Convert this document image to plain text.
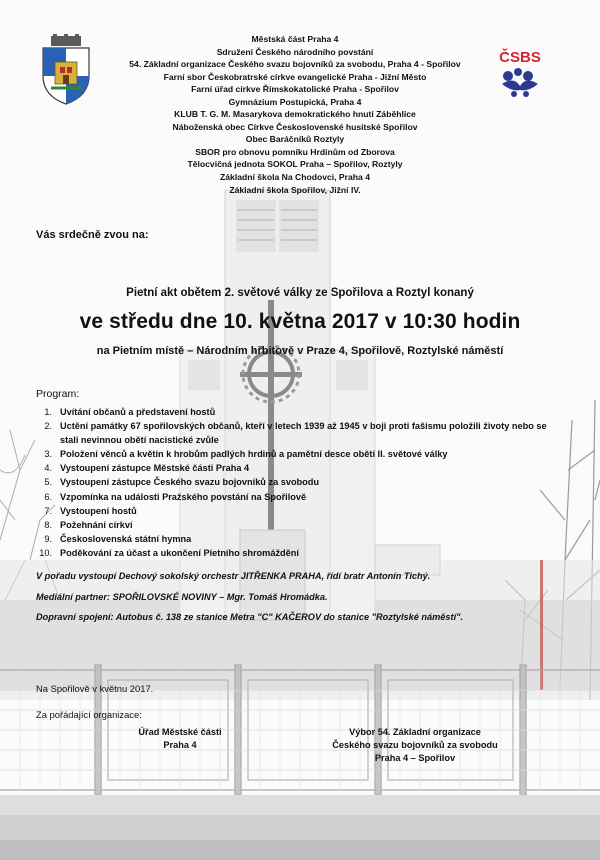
ČSBS
Městská část Praha 4
Sdružení Českého národního povstání
54. Základní organizace Českého svazu bojovníků za svobodu, Praha 4 - Spořilov
Farní sbor Českobratrské církve evangelické Praha - Jižní Město
Farní úřad církve Římskokatolické Praha - Spořilov
Gymnázium Postupická, Praha 4
KLUB T. G. M. Masarykova demokratického hnutí Záběhlice
Náboženská obec Církve Československé husitské Spořilov
Obec Baráčníků Roztyly
SBOR pro obnovu pomníku Hrdinům od Zborova
Tělocvičná jednota SOKOL Praha – Spořilov, Roztyly
Základní škola Na Chodovci, Praha 4
Základní škola Spořilov, Jižní IV.
Vás srdečně zvou na:
Pietní akt obětem 2. světové války ze Spořilova a Roztyl konaný
ve středu dne 10. května 2017 v 10:30 hodin
na Pietním místě – Národním hřbitově v Praze 4, Spořilově, Roztylské náměstí
Program:
1. Uvítání občanů a představení hostů
2. Uctění památky 67 spořilovských občanů, kteří v letech 1939 až 1945 v boji proti fašismu položili životy nebo se stali nevinnou obětí nacistické zvůle
3. Položení věnců a květin k hrobům padlých hrdinů a pamětní desce obětí II. světové války
4. Vystoupení zástupce Městské části Praha 4
5. Vystoupení zástupce Českého svazu bojovníků za svobodu
6. Vzpomínka na události Pražského povstání na Spořilově
7. Vystoupení hostů
8. Požehnání církví
9. Československá státní hymna
10. Poděkování za účast a ukončení Pietního shromáždění
V pořadu vystoupí Dechový sokolský orchestr JITŘENKA PRAHA, řídí bratr Antonín Tichý.
Mediální partner: SPOŘILOVSKÉ NOVINY – Mgr. Tomáš Hromádka.
Dopravní spojení: Autobus č. 138 ze stanice Metra "C" KAČEROV do stanice "Roztylské náměstí".
Na Spořilově v květnu 2017.
Za pořádající organizace:
Úřad Městské části
Praha 4
Výbor 54. Základní organizace
Českého svazu bojovníků za svobodu
Praha 4 – Spořilov
